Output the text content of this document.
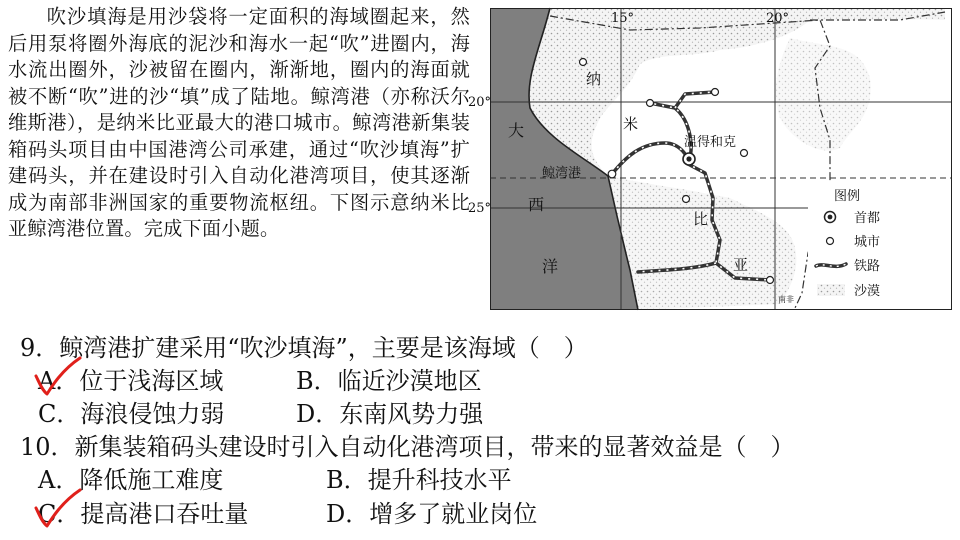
吹沙填海是用沙袋将一定面积的海域圈起来，然后用泵将圈外海底的泥沙和海水一起“吹”进圈内，海水流出圈外，沙被留在圈内，渐渐地，圈内的海面就被不断“吹”进的沙“填”成了陆地。鲸湾港（亦称沃尔维斯港），是纳米比亚最大的港口城市。鲸湾港新集装箱码头项目由中国港湾公司承建，通过“吹沙填海”扩建码头，并在建设时引入自动化港湾项目，使其逐渐成为南部非洲国家的重要物流枢纽。下图示意纳米比亚鲸湾港位置。完成下面小题。
15°	20°
20°
25°
大
西
洋
纳
米
比
亚
温得和克
鲸湾港
南非
图例
首都
城市
铁路
沙漠
9．鲸湾港扩建采用“吹沙填海”，主要是该海域（　）
A．位于浅海区域	B．临近沙漠地区
C．海浪侵蚀力弱	D．东南风势力强
10．新集装箱码头建设时引入自动化港湾项目，带来的显著效益是（　）
A．降低施工难度	B．提升科技水平
C．提高港口吞吐量	D．增多了就业岗位
